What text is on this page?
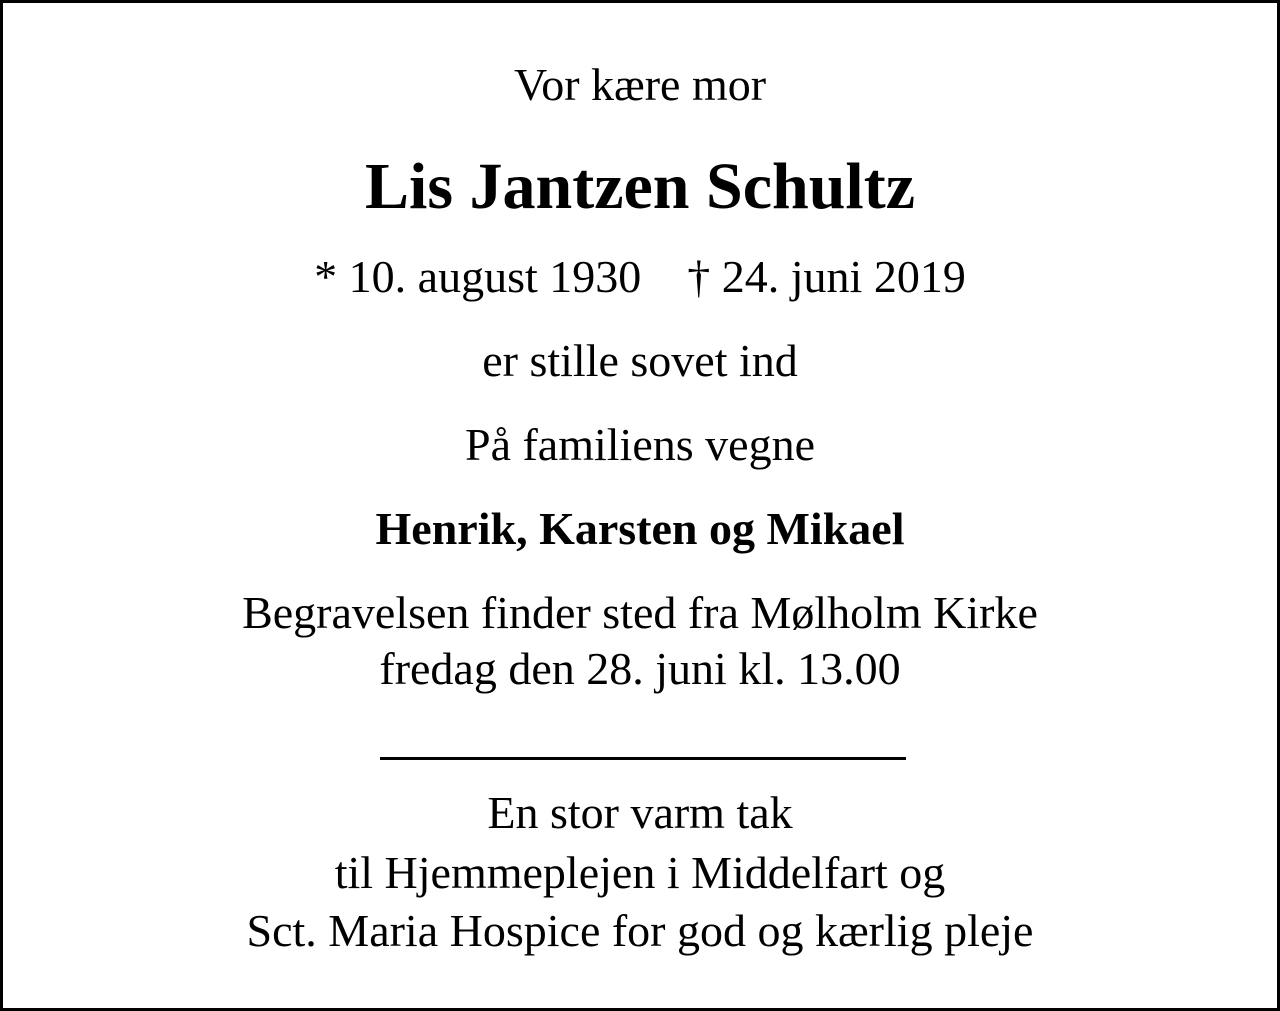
Vor kære mor
Lis Jantzen Schultz
* 10. august 1930 † 24. juni 2019
er stille sovet ind
På familiens vegne
Henrik, Karsten og Mikael
Begravelsen finder sted fra Mølholm Kirke
fredag den 28. juni kl. 13.00
En stor varm tak
til Hjemmeplejen i Middelfart og
Sct. Maria Hospice for god og kærlig pleje
